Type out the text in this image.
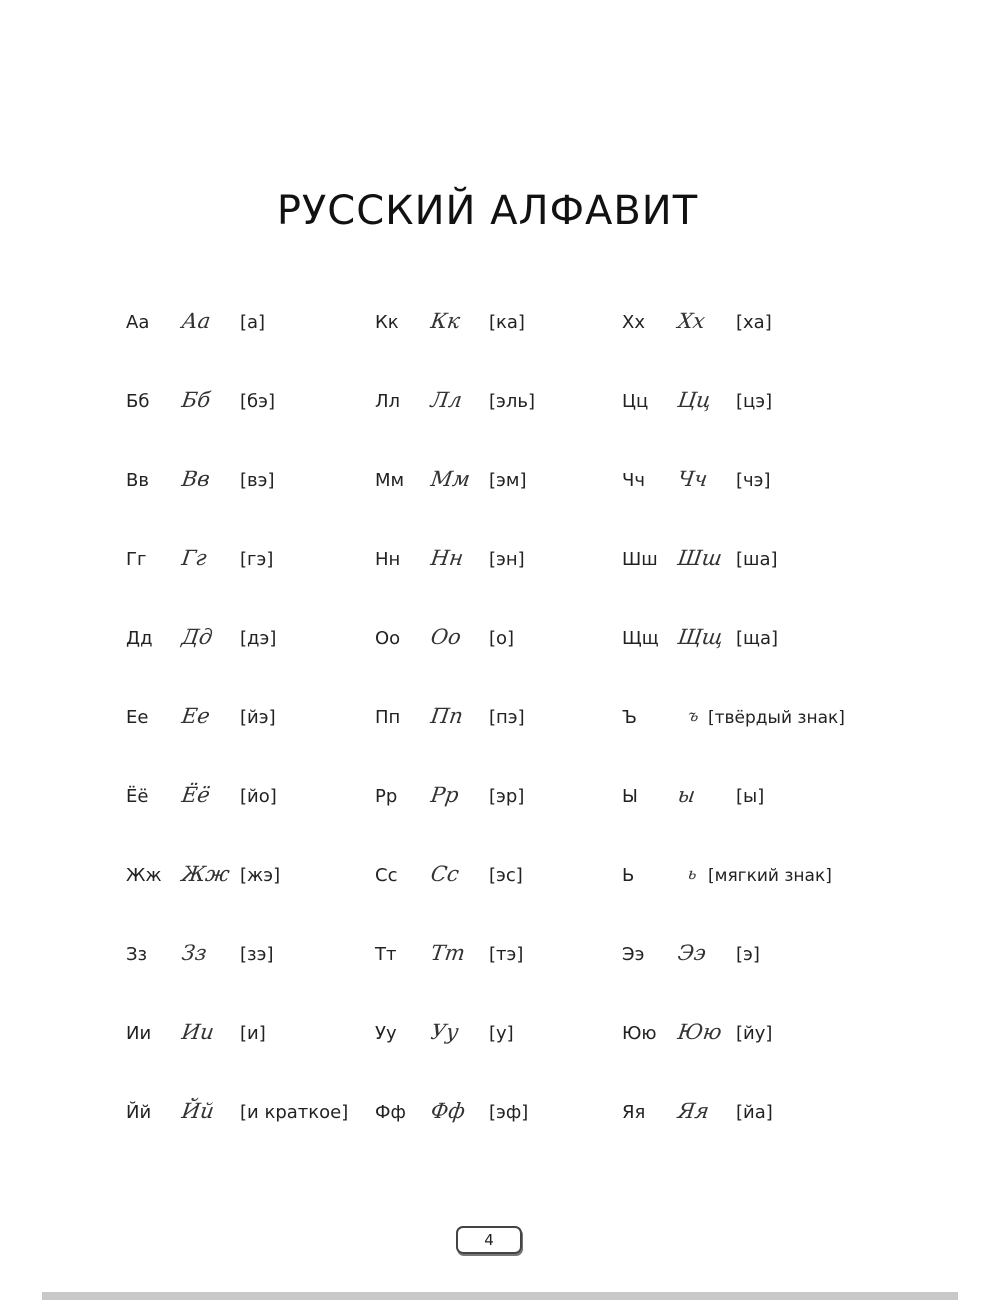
РУССКИЙ АЛФАВИТ
Аа Аа [а]
Бб Бб [бэ]
Вв Вв [вэ]
Гг Гг [гэ]
Дд Дд [дэ]
Ее Ее [йэ]
Ёё Ёё [йо]
Жж Жж [жэ]
Зз Зз [зэ]
Ии Ии [и]
Йй Йй [и краткое]
Кк Кк [ка]
Лл Лл [эль]
Мм Мм [эм]
Нн Нн [эн]
Оо Оо [о]
Пп Пп [пэ]
Рр Рр [эр]
Сс Сс [эс]
Тт Тт [тэ]
Уу Уу [у]
Фф Фф [эф]
Хх Хх [ха]
Цц Цц [цэ]
Чч Чч [чэ]
Шш Шш [ша]
Щщ Щщ [ща]
Ъ	ъ [твёрдый знак]
Ы ы [ы]
Ь	ь [мягкий знак]
Ээ Ээ [э]
Юю Юю [йу]
Яя Яя [йа]
4
